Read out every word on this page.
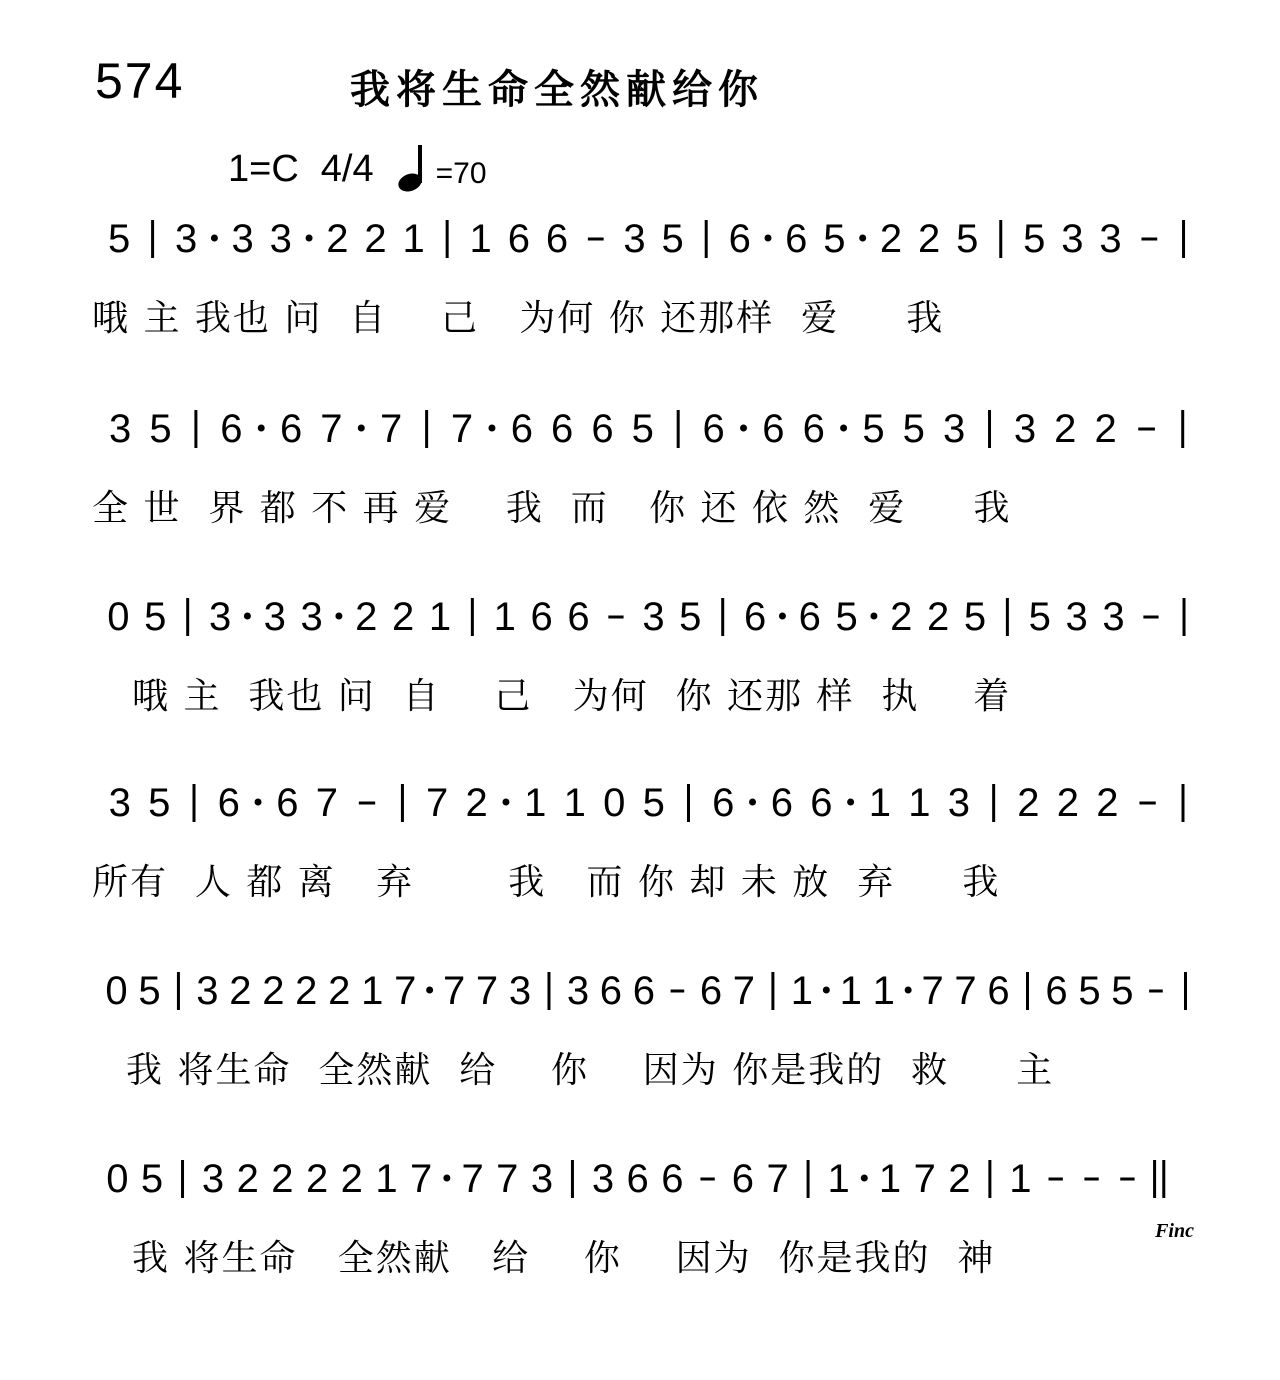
574	我将生命全然献给你
1=C 4/4 =70
5 3 3 3 2 2 1 1 6 6 3 5 6 6 5 2 2 5 5 3 3

哦 主 我也 问  自    己   为何 你 还那样  爱     我

3 5 6 6 7 7 7 6 6 6 5 6 6 6 5 5 3 3 2 2

全 世  界 都 不 再 爱    我  而   你 还 依 然  爱     我

0 5 3 3 3 2 2 1 1 6 6 3 5 6 6 5 2 2 5 5 3 3

哦 主  我也 问  自    己   为何  你 还那 样  执    着

3 5 6 6 7 7 2 1 1 0 5 6 6 6 1 1 3 2 2 2

所有  人 都 离   弃       我   而 你 却 未 放  弃     我

0 5 3 2 2 2 2 1 7 7 7 3 3 6 6 6 7 1 1 1 7 7 6 6 5 5

我 将生命  全然献  给    你    因为 你是我的  救     主

0 5 3 2 2 2 2 1 7 7 7 3 3 6 6 6 7 1 1 7 2 1

我 将生命   全然献   给    你    因为  你是我的  神

Finc
